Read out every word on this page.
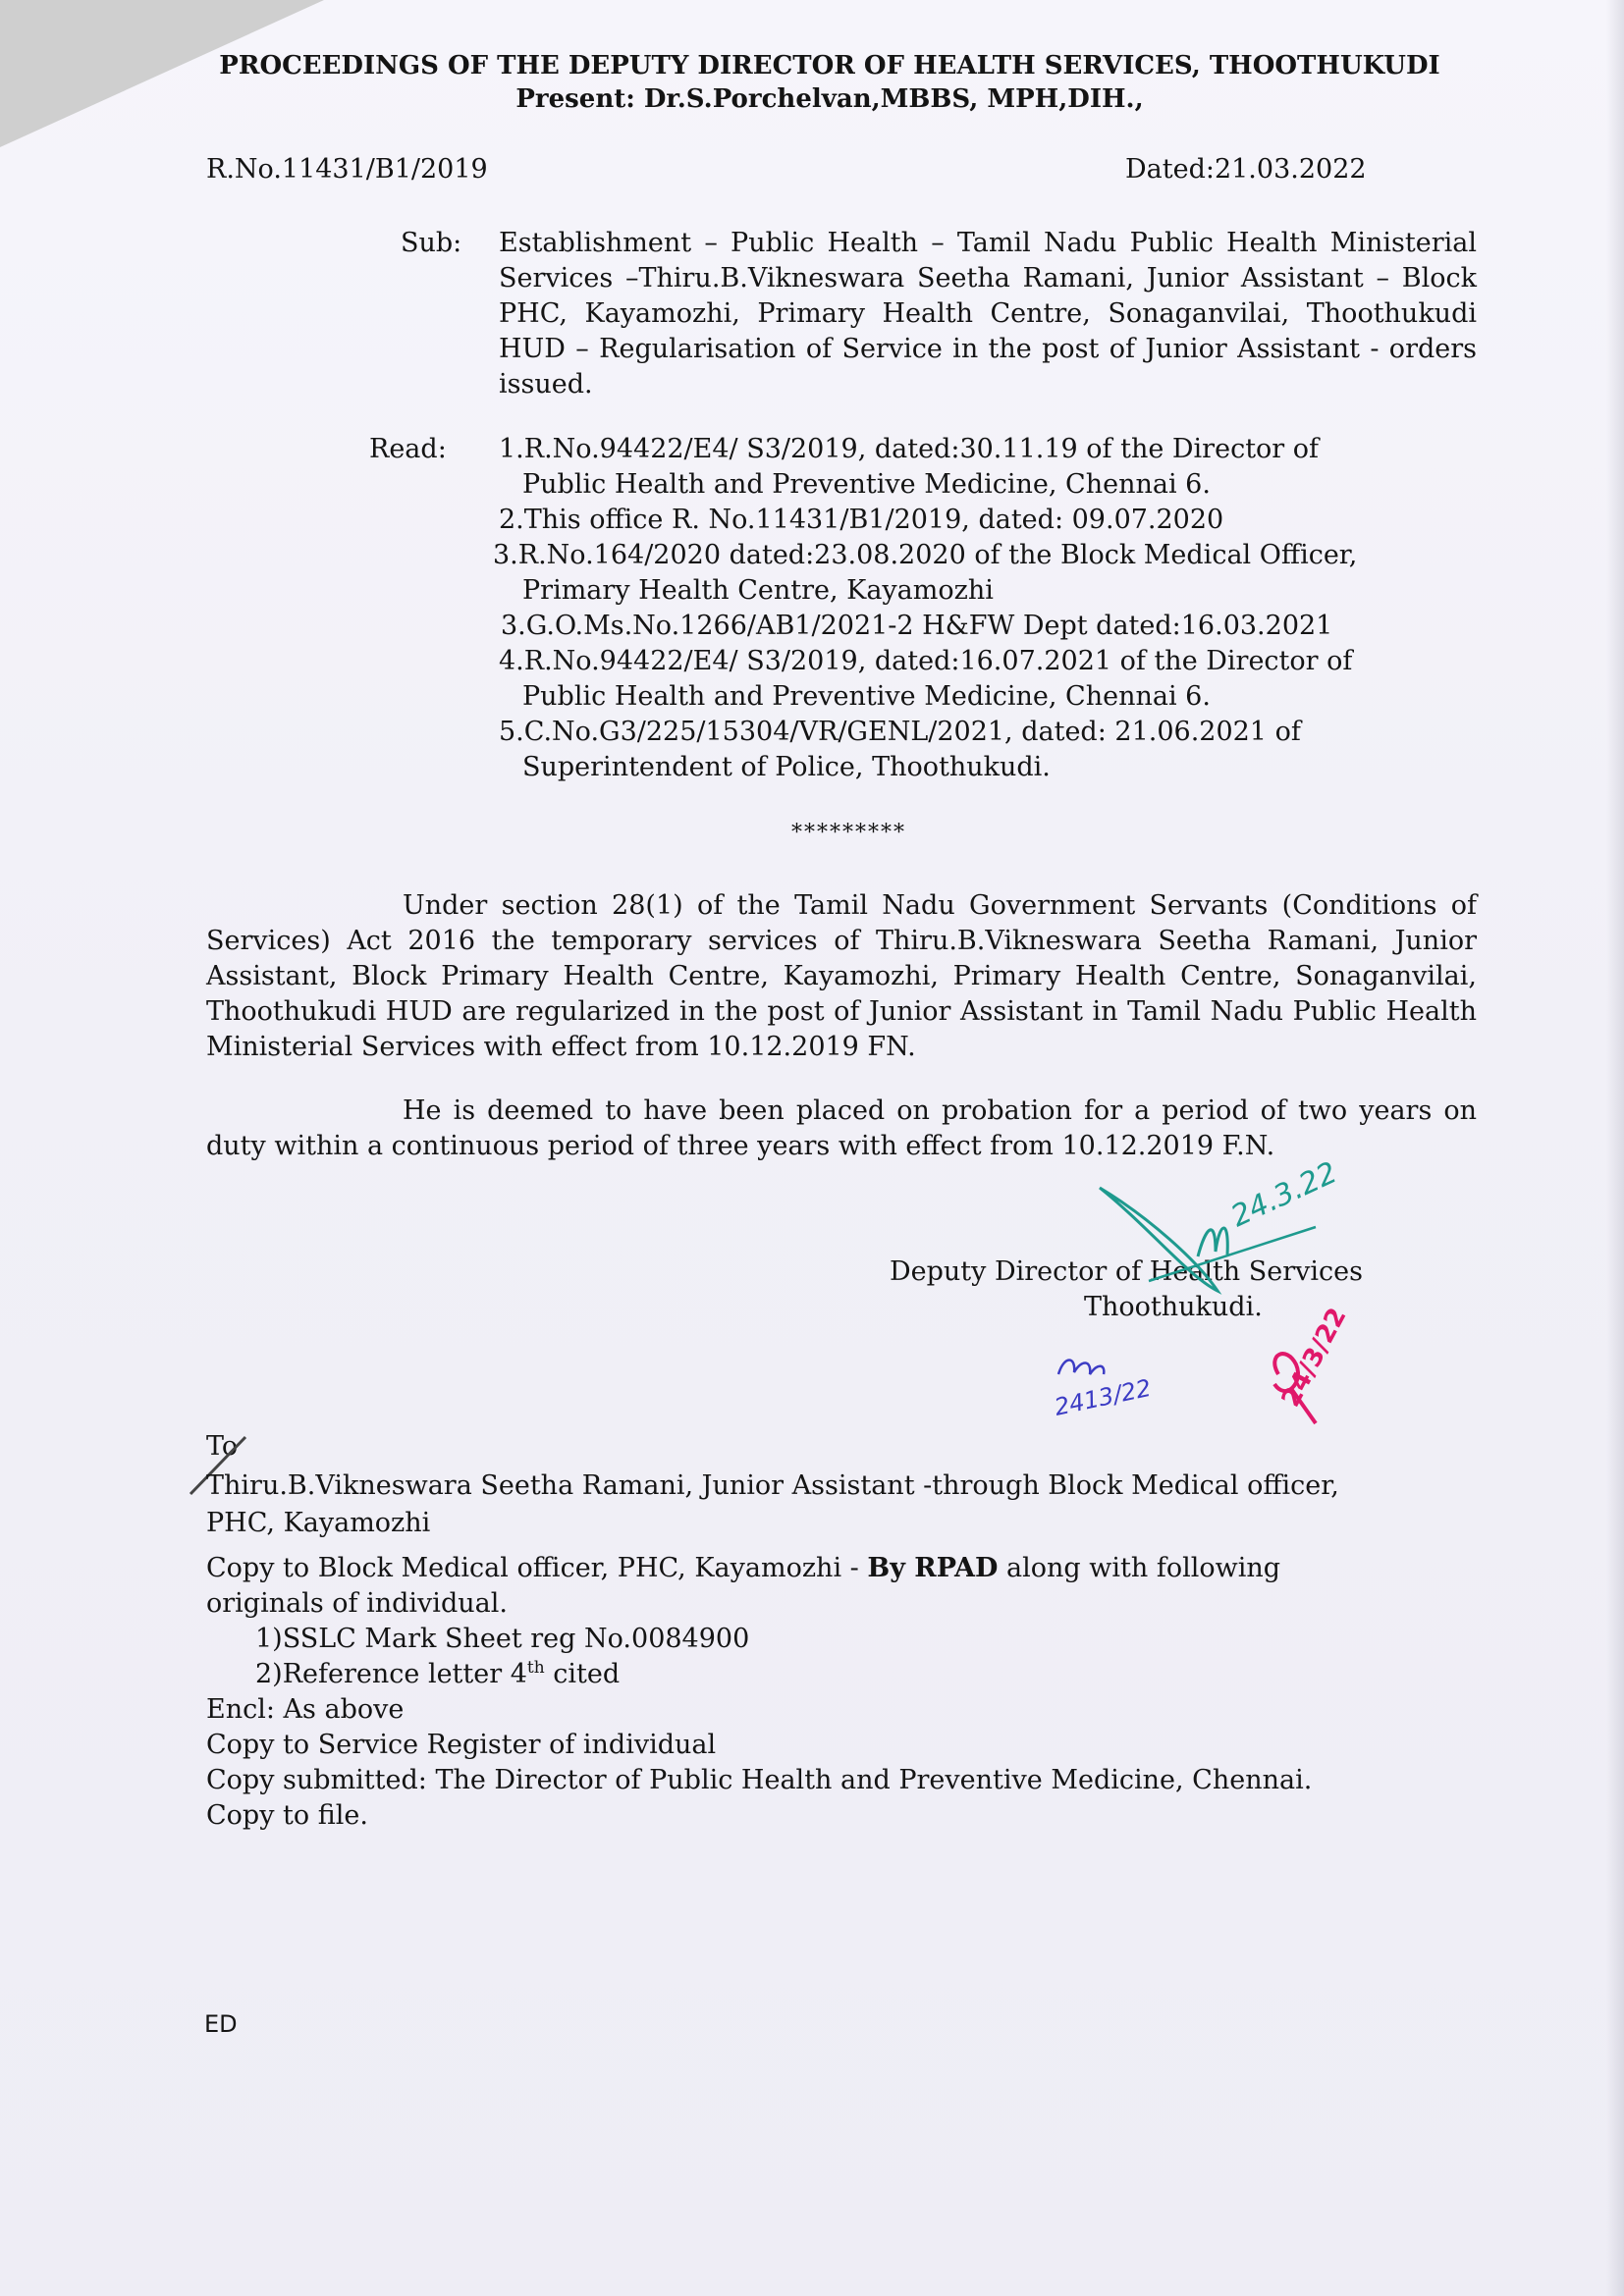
PROCEEDINGS OF THE DEPUTY DIRECTOR OF HEALTH SERVICES, THOOTHUKUDI
Present: Dr.S.Porchelvan,MBBS, MPH,DIH.,
R.No.11431/B1/2019	Dated:21.03.2022
Sub: Establishment – Public Health – Tamil Nadu Public Health Ministerial Services –Thiru.B.Vikneswara Seetha Ramani, Junior Assistant – Block PHC, Kayamozhi, Primary Health Centre, Sonaganvilai, Thoothukudi HUD – Regularisation of Service in the post of Junior Assistant - orders issued.
Read: 1.R.No.94422/E4/ S3/2019, dated:30.11.19 of the Director of
Public Health and Preventive Medicine, Chennai 6.
2.This office R. No.11431/B1/2019, dated: 09.07.2020
3.R.No.164/2020 dated:23.08.2020 of the Block Medical Officer,
Primary Health Centre, Kayamozhi
3.G.O.Ms.No.1266/AB1/2021-2 H&FW Dept dated:16.03.2021
4.R.No.94422/E4/ S3/2019, dated:16.07.2021 of the Director of
Public Health and Preventive Medicine, Chennai 6.
5.C.No.G3/225/15304/VR/GENL/2021, dated: 21.06.2021 of
Superintendent of Police, Thoothukudi.
*********
Under section 28(1) of the Tamil Nadu Government Servants (Conditions of Services) Act 2016 the temporary services of Thiru.B.Vikneswara Seetha Ramani, Junior Assistant, Block Primary Health Centre, Kayamozhi, Primary Health Centre, Sonaganvilai, Thoothukudi HUD are regularized in the post of Junior Assistant in Tamil Nadu Public Health Ministerial Services with effect from 10.12.2019 FN.
He is deemed to have been placed on probation for a period of two years on duty within a continuous period of three years with effect from 10.12.2019 F.N.
Deputy Director of Health Services
Thoothukudi.
24.3.22
2413/22	24/3/22
To
Thiru.B.Vikneswara Seetha Ramani, Junior Assistant -through Block Medical officer,
PHC, Kayamozhi
Copy to Block Medical officer, PHC, Kayamozhi - By RPAD along with following
originals of individual.
1)SSLC Mark Sheet reg No.0084900
2)Reference letter 4th cited
Encl: As above
Copy to Service Register of individual
Copy submitted: The Director of Public Health and Preventive Medicine, Chennai.
Copy to file.
ED
